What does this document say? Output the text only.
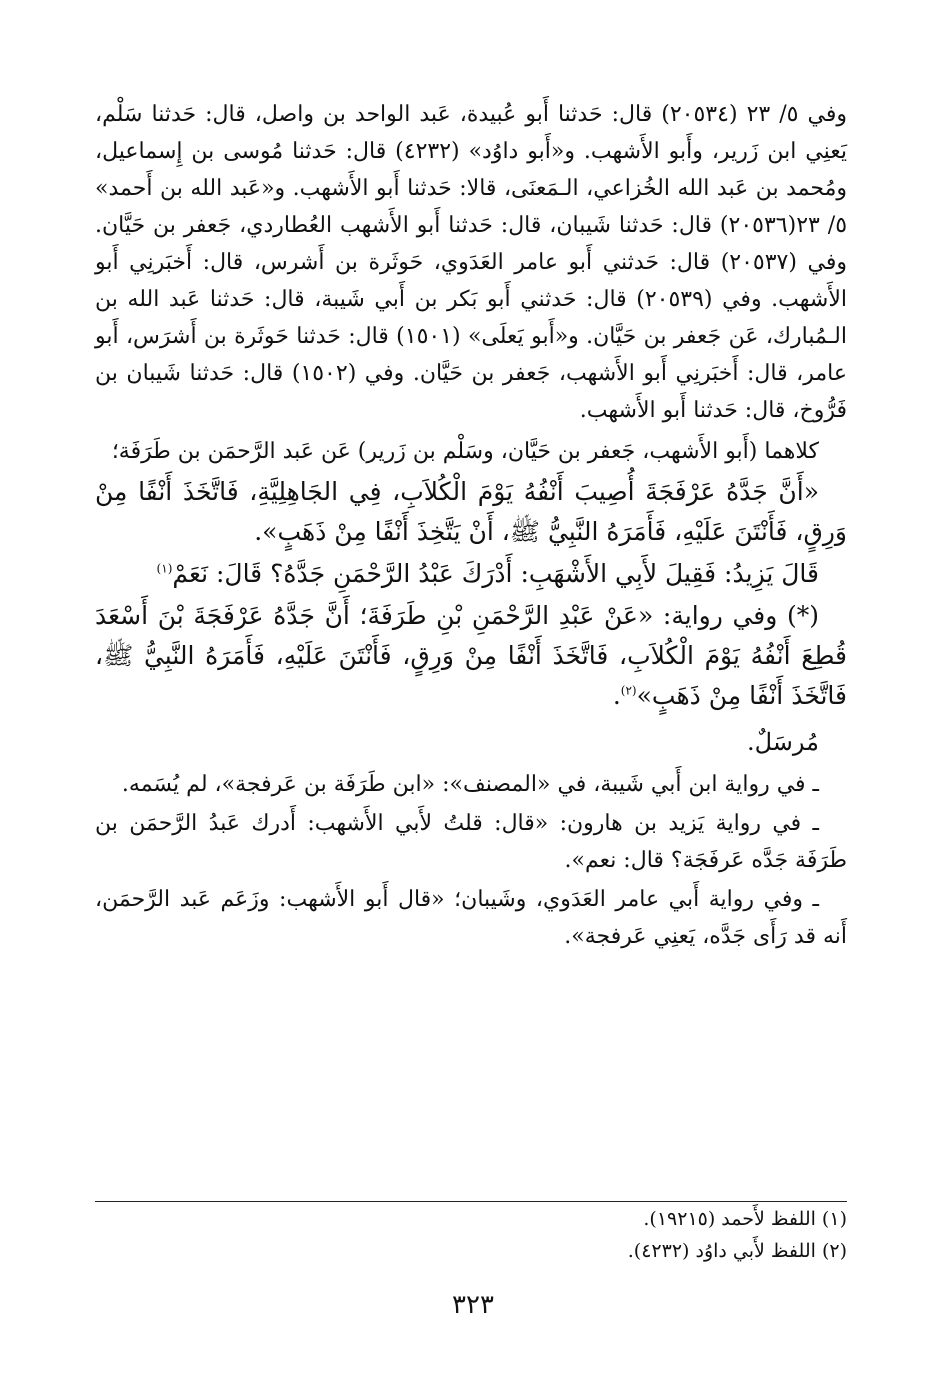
وفي ٥/ ٢٣ (٢٠٥٣٤) قال: حَدثنا أَبو عُبيدة، عَبد الواحد بن واصل، قال: حَدثنا سَلْم، يَعنِي ابن زَرير، وأَبو الأَشهب. و«أَبو داوُد» (٤٢٣٢) قال: حَدثنا مُوسى بن إِسماعيل، ومُحمد بن عَبد الله الخُزاعي، الـمَعنَى، قالا: حَدثنا أَبو الأَشهب. و«عَبد الله بن أَحمد» ٥/ ٢٣(٢٠٥٣٦) قال: حَدثنا شَيبان، قال: حَدثنا أَبو الأَشهب العُطاردي، جَعفر بن حَيَّان. وفي (٢٠٥٣٧) قال: حَدثني أَبو عامر العَدَوي، حَوثَرة بن أَشرس، قال: أَخبَرنِي أَبو الأَشهب. وفي (٢٠٥٣٩) قال: حَدثني أَبو بَكر بن أَبي شَيبة، قال: حَدثنا عَبد الله بن الـمُبارك، عَن جَعفر بن حَيَّان. و«أَبو يَعلَى» (١٥٠١) قال: حَدثنا حَوثَرة بن أَشرَس، أَبو عامر، قال: أَخبَرنِي أَبو الأَشهب، جَعفر بن حَيَّان. وفي (١٥٠٢) قال: حَدثنا شَيبان بن فَرُّوخ، قال: حَدثنا أَبو الأَشهب.

كلاهما (أَبو الأَشهب، جَعفر بن حَيَّان، وسَلْم بن زَرير) عَن عَبد الرَّحمَن بن طَرَفَة؛

«أَنَّ جَدَّهُ عَرْفَجَةَ أُصِيبَ أَنْفُهُ يَوْمَ الْكُلاَبِ، فِي الجَاهِلِيَّةِ، فَاتَّخَذَ أَنْفًا مِنْ وَرِقٍ، فَأَنْتَنَ عَلَيْهِ، فَأَمَرَهُ النَّبِيُّ ﷺ، أَنْ يَتَّخِذَ أَنْفًا مِنْ ذَهَبٍ».

قَالَ يَزِيدُ: فَقِيلَ لأَبِي الأَشْهَبِ: أَدْرَكَ عَبْدُ الرَّحْمَنِ جَدَّهُ؟ قَالَ: نَعَمْ$^{(١)}$

(*) وفي رواية: «عَنْ عَبْدِ الرَّحْمَنِ بْنِ طَرَفَةَ؛ أَنَّ جَدَّهُ عَرْفَجَةَ بْنَ أَسْعَدَ قُطِعَ أَنْفُهُ يَوْمَ الْكُلاَبِ، فَاتَّخَذَ أَنْفًا مِنْ وَرِقٍ، فَأَنْتَنَ عَلَيْهِ، فَأَمَرَهُ النَّبِيُّ ﷺ، فَاتَّخَذَ أَنْفًا مِنْ ذَهَبٍ»$^{(٢)}$.

مُرسَلٌ.

ـ في رواية ابن أَبي شَيبة، في «المصنف»: «ابن طَرَفَة بن عَرفجة»، لم يُسَمه.

ـ في رواية يَزيد بن هارون: «قال: قلتُ لأَبي الأَشهب: أَدرك عَبدُ الرَّحمَن بن طَرَفَة جَدَّه عَرفَجَة؟ قال: نعم».

ـ وفي رواية أَبي عامر العَدَوي، وشَيبان؛ «قال أَبو الأَشهب: وزَعَم عَبد الرَّحمَن، أَنه قد رَأَى جَدَّه، يَعنِي عَرفجة».

(١) اللفظ لأَحمد (١٩٢١٥).

(٢) اللفظ لأَبي داوُد (٤٢٣٢).

٣٢٣
